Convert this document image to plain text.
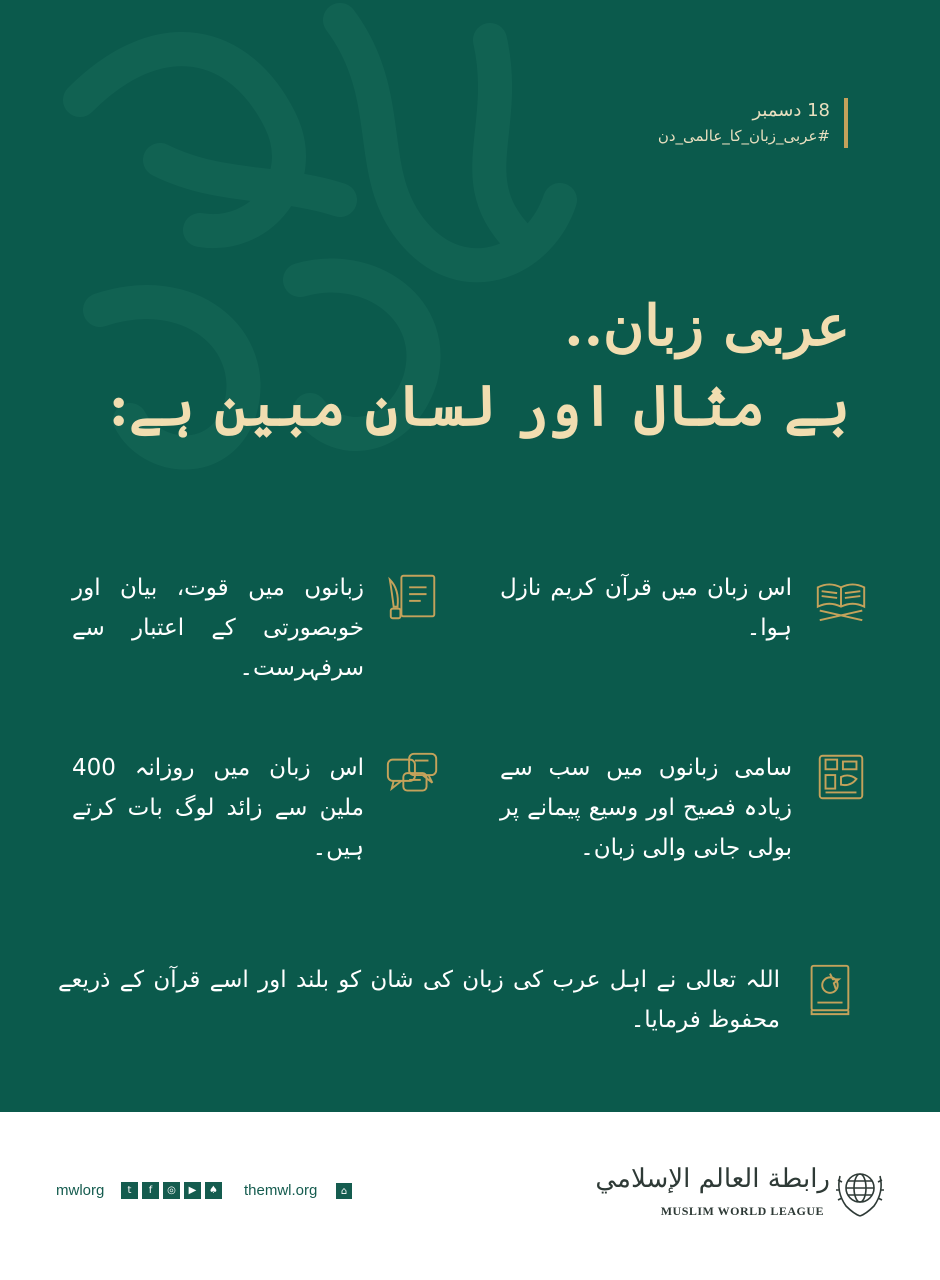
18 دسمبر
#عربی_زبان_کا_عالمی_دن
عربی زبان..
بے مثال اور لسانِ مبین ہے:
اس زبان میں قرآن کریم نازل ہوا۔
زبانوں میں قوت، بیان اور خوبصورتی کے اعتبار سے سرفہرست۔
سامی زبانوں میں سب سے زیادہ فصیح اور وسیع پیمانے پر بولی جانی والی زبان۔
اس زبان میں روزانہ 400 ملین سے زائد لوگ بات کرتے ہیں۔
اللہ تعالی نے اہل عرب کی زبان کی شان کو بلند اور اسے قرآن کے ذریعے محفوظ فرمایا۔
mwlorg	t	f	◎	▶	♠ themwl.org	⌂	رابطة العالم الإسلامي
MUSLIM WORLD LEAGUE
